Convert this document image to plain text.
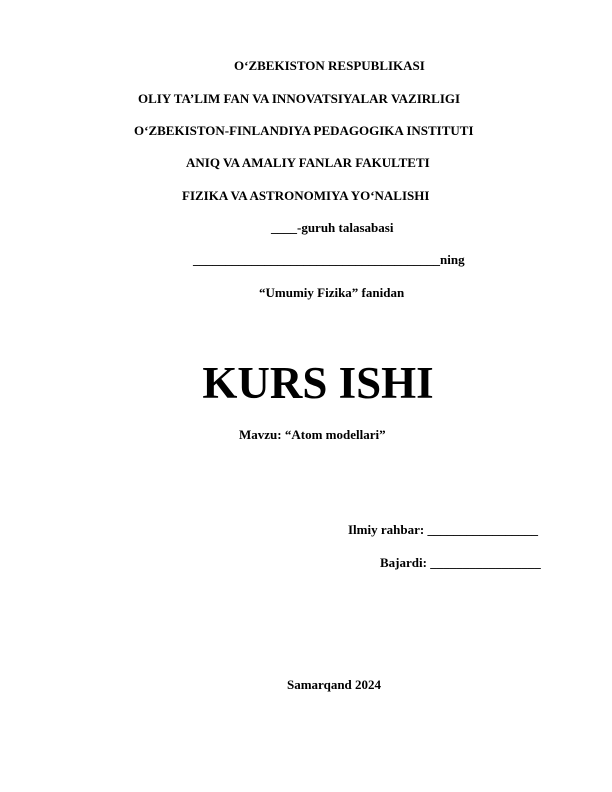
O‘ZBEKISTON RESPUBLIKASI
OLIY TA’LIM FAN VA INNOVATSIYALAR VAZIRLIGI
O‘ZBEKISTON-FINLANDIYA PEDAGOGIKA INSTITUTI
ANIQ VA AMALIY FANLAR FAKULTETI
FIZIKA VA ASTRONOMIYA YO‘NALISHI
____-guruh talasabasi
______________________________________ning
“Umumiy Fizika” fanidan
KURS ISHI
Mavzu: “Atom modellari”
Ilmiy rahbar: _________________
Bajardi: _________________
Samarqand 2024
